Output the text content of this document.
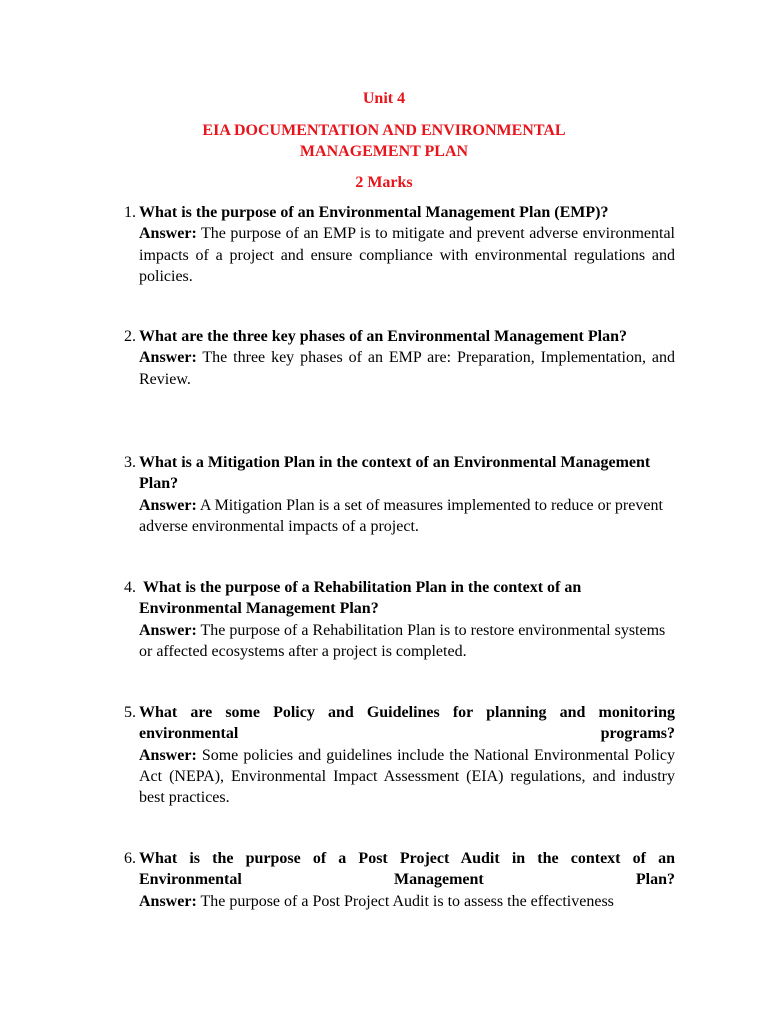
Unit 4
EIA DOCUMENTATION AND ENVIRONMENTAL MANAGEMENT PLAN
2 Marks
1. What is the purpose of an Environmental Management Plan (EMP)?
Answer: The purpose of an EMP is to mitigate and prevent adverse environmental impacts of a project and ensure compliance with environmental regulations and policies.
2. What are the three key phases of an Environmental Management Plan?
Answer: The three key phases of an EMP are: Preparation, Implementation, and Review.
3. What is a Mitigation Plan in the context of an Environmental Management Plan?
Answer: A Mitigation Plan is a set of measures implemented to reduce or prevent adverse environmental impacts of a project.
4. What is the purpose of a Rehabilitation Plan in the context of an Environmental Management Plan?
Answer: The purpose of a Rehabilitation Plan is to restore environmental systems or affected ecosystems after a project is completed.
5. What are some Policy and Guidelines for planning and monitoring environmental programs?
Answer: Some policies and guidelines include the National Environmental Policy Act (NEPA), Environmental Impact Assessment (EIA) regulations, and industry best practices.
6. What is the purpose of a Post Project Audit in the context of an Environmental Management Plan?
Answer: The purpose of a Post Project Audit is to assess the effectiveness
